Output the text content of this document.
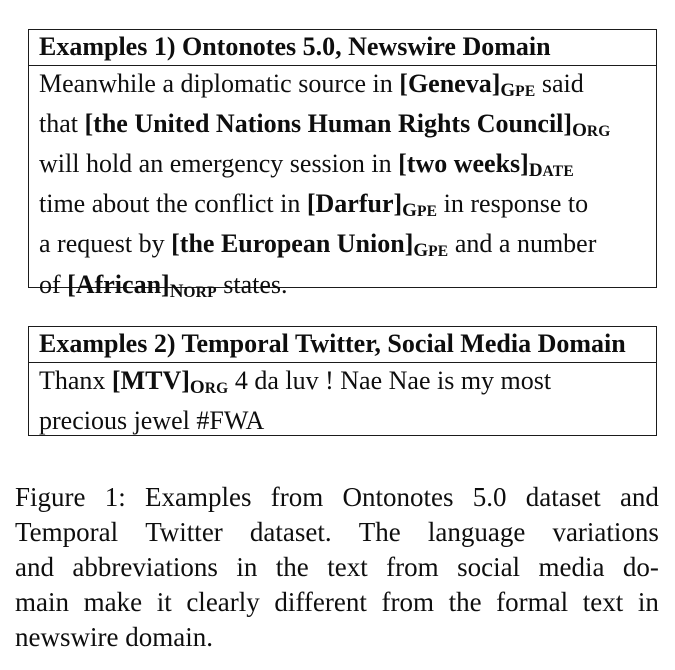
Examples 1) Ontonotes 5.0, Newswire Domain
Meanwhile a diplomatic source in [Geneva]GPE said
that [the United Nations Human Rights Council]ORG
will hold an emergency session in [two weeks]DATE
time about the conflict in [Darfur]GPE in response to
a request by [the European Union]GPE and a number
of [African]NORP states.
Examples 2) Temporal Twitter, Social Media Domain
Thanx [MTV]ORG 4 da luv ! Nae Nae is my most
precious jewel #FWA
Figure 1: Examples from Ontonotes 5.0 dataset and
Temporal Twitter dataset. The language variations
and abbreviations in the text from social media do-
main make it clearly different from the formal text in
newswire domain.
